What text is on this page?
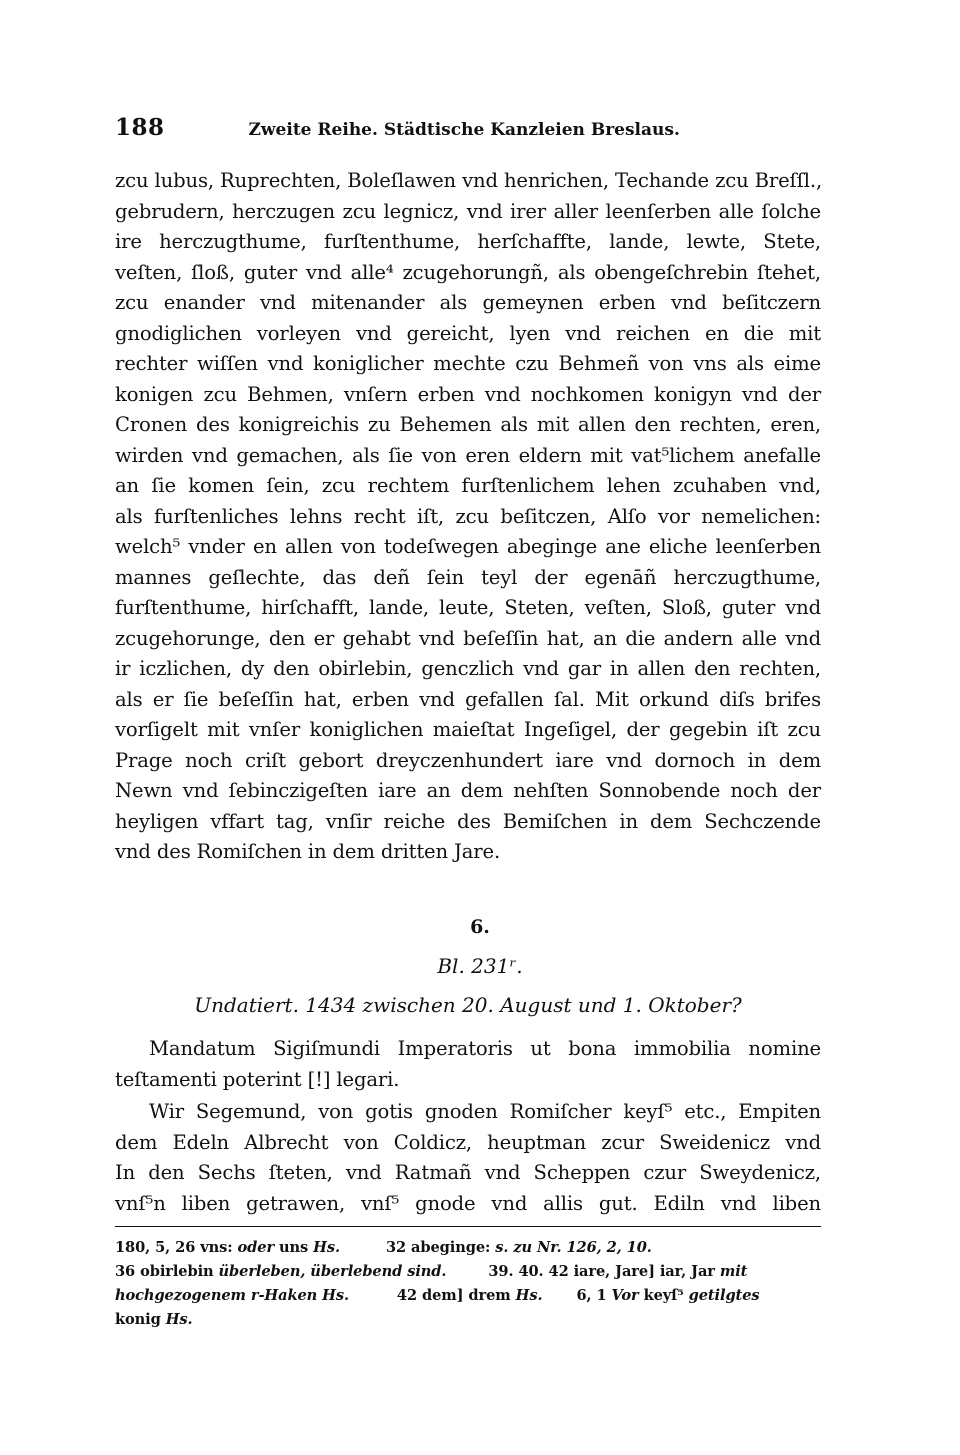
188	Zweite Reihe. Städtische Kanzleien Breslaus.
zcu lubus, Ruprechten, Boleſlawen vnd henrichen, Techande zcu Breſſl.,
gebrudern, herczugen zcu legnicz, vnd irer aller leenſerben alle ſolche
ire herczugthume, furſtenthume, herſchaffte, lande, lewte, Stete,
veſten, ſloß, guter vnd alle⁴ zcugehorungñ, als obengeſchrebin ſtehet,
zcu enander vnd mitenander als gemeynen erben vnd beſitczern
gnodiglichen vorleyen vnd gereicht, lyen vnd reichen en die mit
rechter wiſſen vnd koniglicher mechte czu Behmeñ von vns als eime
konigen zcu Behmen, vnſern erben vnd nochkomen konigyn vnd der
Cronen des konigreichis zu Behemen als mit allen den rechten, eren,
wirden vnd gemachen, als ſie von eren eldern mit vat⁵lichem anefalle
an ſie komen ſein, zcu rechtem furſtenlichem lehen zcuhaben vnd,
als furſtenliches lehns recht iſt, zcu beſitczen, Alſo vor nemelichen:
welch⁵ vnder en allen von todeſwegen abeginge ane eliche leenſerben
mannes geſlechte, das deñ ſein teyl der egenāñ herczugthume,
furſtenthume, hirſchafft, lande, leute, Steten, veſten, Sloß, guter vnd
zcugehorunge, den er gehabt vnd beſeſſin hat, an die andern alle vnd
ir iczlichen, dy den obirlebin, genczlich vnd gar in allen den rechten,
als er ſie beſeſſin hat, erben vnd gefallen ſal. Mit orkund diſs brifes
vorſigelt mit vnſer koniglichen maieſtat Ingeſigel, der gegebin iſt zcu
Prage noch criſt gebort dreyczenhundert iare vnd dornoch in dem
Newn vnd ſebinczigeſten iare an dem nehſten Sonnobende noch der
heyligen vffart tag, vnſir reiche des Bemiſchen in dem Sechczende
vnd des Romiſchen in dem dritten Jare.
6.
Bl. 231ʳ.
Undatiert. 1434 zwischen 20. August und 1. Oktober?
Mandatum Sigiſmundi Imperatoris ut bona immobilia nomine
teſtamenti poterint [!] legari.
Wir Segemund, von gotis gnoden Romiſcher keyſ⁵ etc., Empiten
dem Edeln Albrecht von Coldicz, heuptman zcur Sweidenicz vnd
In den Sechs ſteten, vnd Ratmañ vnd Scheppen czur Sweydenicz,
vnſ⁵n liben getrawen, vnſ⁵ gnode vnd allis gut. Ediln vnd liben
180, 5, 26 vns: oder uns Hs.	32 abeginge: s. zu Nr. 126, 2, 10.
36 obirlebin überleben, überlebend sind.	39. 40. 42 iare, Jare] iar, Jar mit
hochgezogenem r-Haken Hs.	42 dem] drem Hs. 6, 1 Vor keyſ⁵ getilgtes
konig Hs.
